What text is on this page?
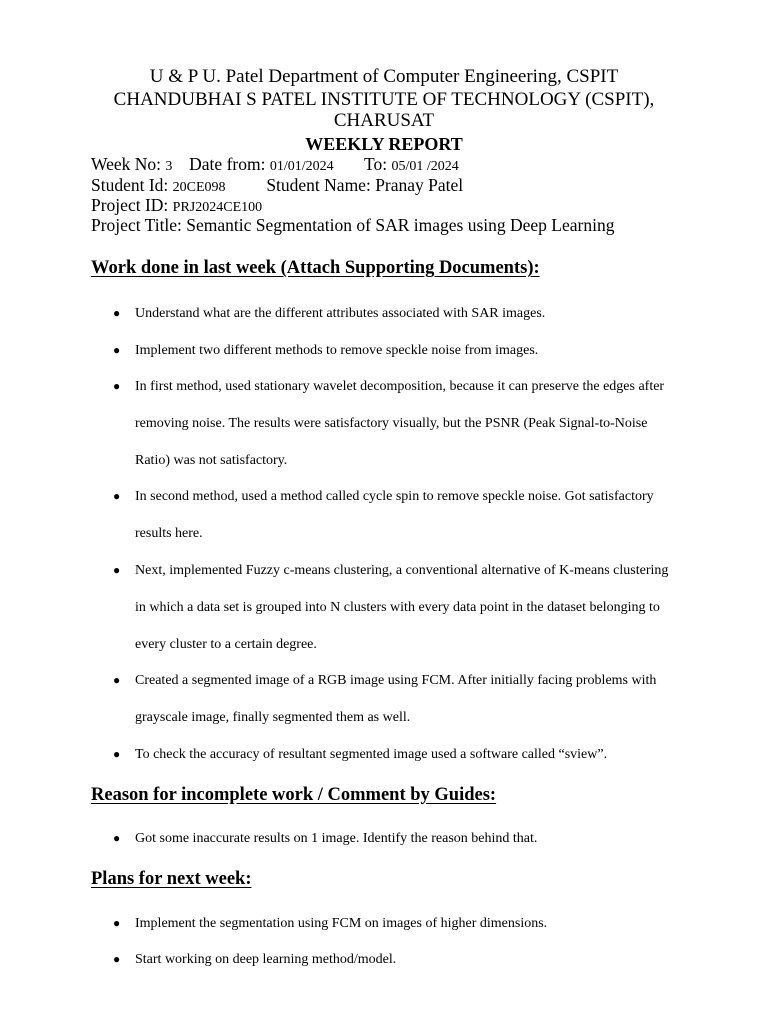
U & P U. Patel Department of Computer Engineering, CSPIT
CHANDUBHAI S PATEL INSTITUTE OF TECHNOLOGY (CSPIT),
CHARUSAT
WEEKLY REPORT
Week No: 3 Date from: 01/01/2024 To: 05/01 /2024
Student Id: 20CE098 Student Name: Pranay Patel
Project ID: PRJ2024CE100
Project Title: Semantic Segmentation of SAR images using Deep Learning
Work done in last week (Attach Supporting Documents):
● Understand what are the different attributes associated with SAR images.
● Implement two different methods to remove speckle noise from images.
● In first method, used stationary wavelet decomposition, because it can preserve the edges after removing noise. The results were satisfactory visually, but the PSNR (Peak Signal-to-Noise Ratio) was not satisfactory.
● In second method, used a method called cycle spin to remove speckle noise. Got satisfactory results here.
● Next, implemented Fuzzy c-means clustering, a conventional alternative of K-means clustering in which a data set is grouped into N clusters with every data point in the dataset belonging to every cluster to a certain degree.
● Created a segmented image of a RGB image using FCM. After initially facing problems with grayscale image, finally segmented them as well.
● To check the accuracy of resultant segmented image used a software called “sview”.
Reason for incomplete work / Comment by Guides:
● Got some inaccurate results on 1 image. Identify the reason behind that.
Plans for next week:
● Implement the segmentation using FCM on images of higher dimensions.
● Start working on deep learning method/model.
